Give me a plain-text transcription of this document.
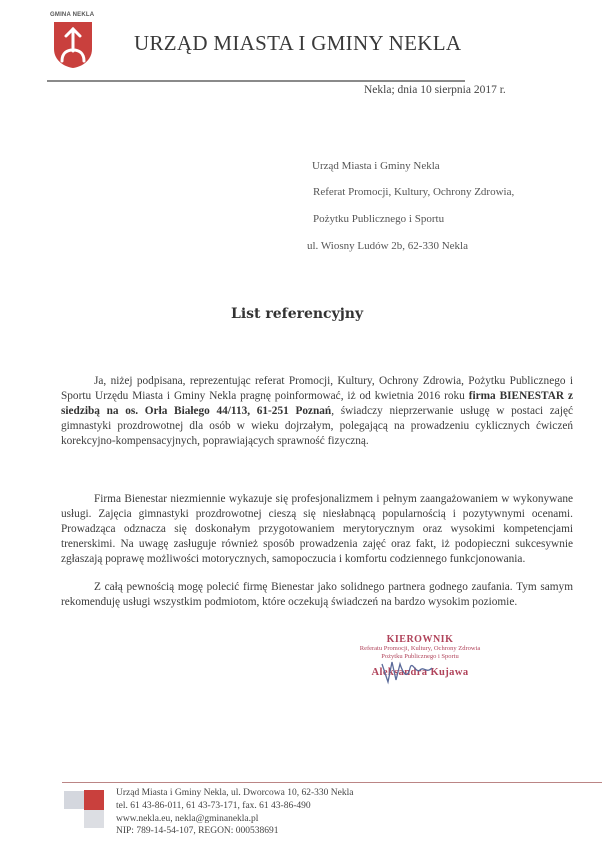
GMINA NEKLA
URZĄD MIASTA I GMINY NEKLA
Nekla; dnia 10 sierpnia 2017 r.
Urząd Miasta i Gminy Nekla
Referat Promocji, Kultury, Ochrony Zdrowia,
Pożytku Publicznego i Sportu
ul. Wiosny Ludów 2b, 62-330 Nekla
List referencyjny
Ja, niżej podpisana, reprezentując referat Promocji, Kultury, Ochrony Zdrowia, Pożytku Publicznego i Sportu Urzędu Miasta i Gminy Nekla pragnę poinformować, iż od kwietnia 2016 roku firma BIENESTAR z siedzibą na os. Orła Białego 44/113, 61-251 Poznań, świadczy nieprzerwanie usługę w postaci zajęć gimnastyki prozdrowotnej dla osób w wieku dojrzałym, polegającą na prowadzeniu cyklicznych ćwiczeń korekcyjno-kompensacyjnych, poprawiających sprawność fizyczną.
Firma Bienestar niezmiennie wykazuje się profesjonalizmem i pełnym zaangażowaniem w wykonywane usługi. Zajęcia gimnastyki prozdrowotnej cieszą się niesłabnącą popularnością i pozytywnymi ocenami. Prowadząca odznacza się doskonałym przygotowaniem merytorycznym oraz wysokimi kompetencjami trenerskimi. Na uwagę zasługuje również sposób prowadzenia zajęć oraz fakt, iż podopieczni sukcesywnie zgłaszają poprawę możliwości motorycznych, samopoczucia i komfortu codziennego funkcjonowania.
Z całą pewnością mogę polecić firmę Bienestar jako solidnego partnera godnego zaufania. Tym samym rekomenduję usługi wszystkim podmiotom, które oczekują świadczeń na bardzo wysokim poziomie.
KIEROWNIK
Referatu Promocji, Kultury, Ochrony Zdrowia
Pożytku Publicznego i Sportu
Aleksandra Kujawa
Urząd Miasta i Gminy Nekla, ul. Dworcowa 10, 62-330 Nekla
tel. 61 43-86-011, 61 43-73-171, fax. 61 43-86-490
www.nekla.eu, nekla@gminanekla.pl
NIP: 789-14-54-107, REGON: 000538691
